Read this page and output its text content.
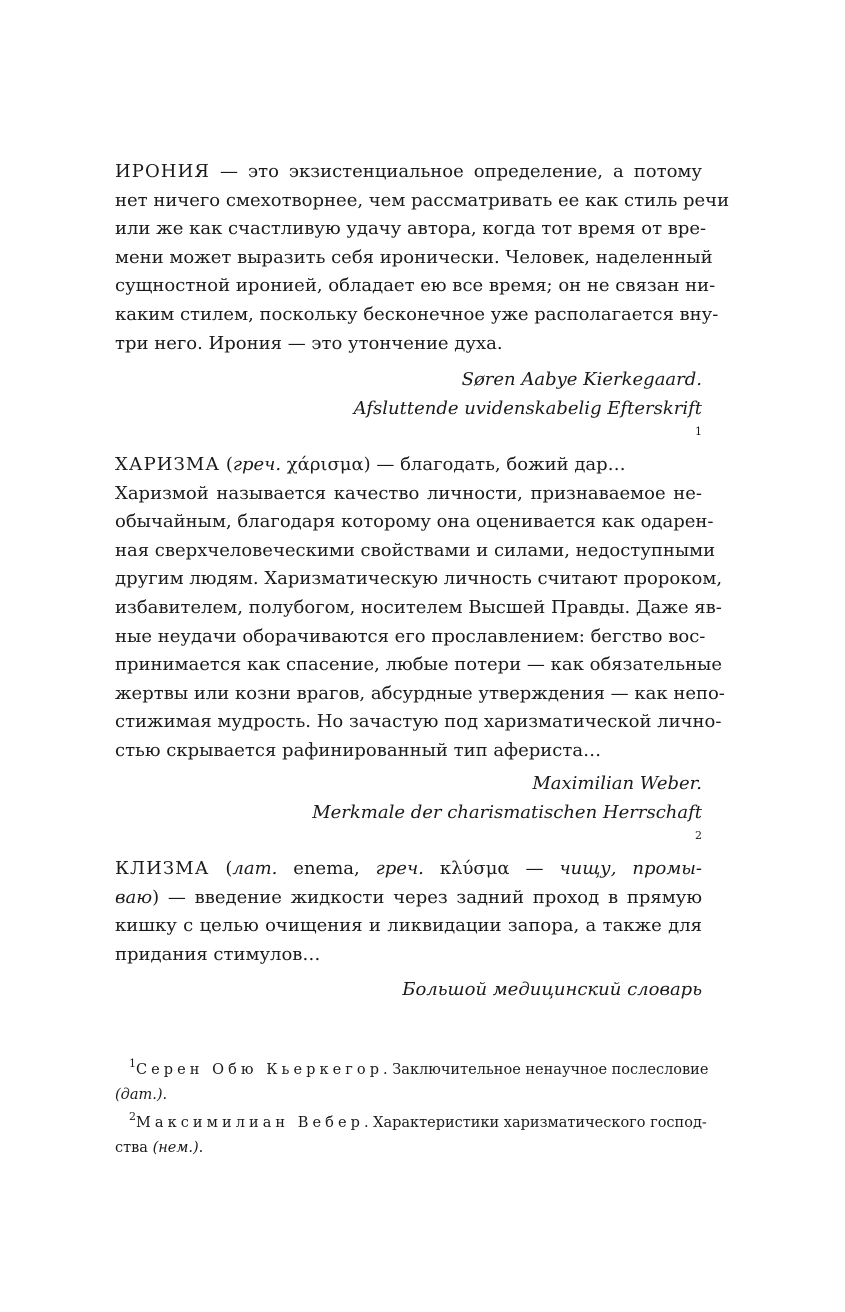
ИРОНИЯ — это экзистенциальное определение, а потому
нет ничего смехотворнее, чем рассматривать ее как стиль речи
или же как счастливую удачу автора, когда тот время от вре-
мени может выразить себя иронически. Человек, наделенный
сущностной иронией, обладает ею все время; он не связан ни-
каким стилем, поскольку бесконечное уже располагается вну-
три него. Ирония — это утончение духа.
Søren Aabye Kierkegaard.
Afsluttende uvidenskabelig Efterskrift
$^1$
ХАРИЗМА (греч. χάρισμα) — благодать, божий дар…
Харизмой называется качество личности, признаваемое не-
обычайным, благодаря которому она оценивается как одарен-
ная сверхчеловеческими свойствами и силами, недоступными
другим людям. Харизматическую личность считают пророком,
избавителем, полубогом, носителем Высшей Правды. Даже яв-
ные неудачи оборачиваются его прославлением: бегство вос-
принимается как спасение, любые потери — как обязательные
жертвы или козни врагов, абсурдные утверждения — как непо-
стижимая мудрость. Но зачастую под харизматической лично-
стью скрывается рафинированный тип афериста…
Maximilian Weber.
Merkmale der charismatischen Herrschaft
$^2$
КЛИЗМА (лат. enema, греч. κλύσμα — чищу, промы-
ваю) — введение жидкости через задний проход в прямую
кишку с целью очищения и ликвидации запора, а также для
придания стимулов…
Большой медицинский словарь
$^1$Серен Обю Кьеркегор. Заключительное ненаучное послесловие
(дат.).
$^2$Максимилиан Вебер. Характеристики харизматического господ-
ства (нем.).
